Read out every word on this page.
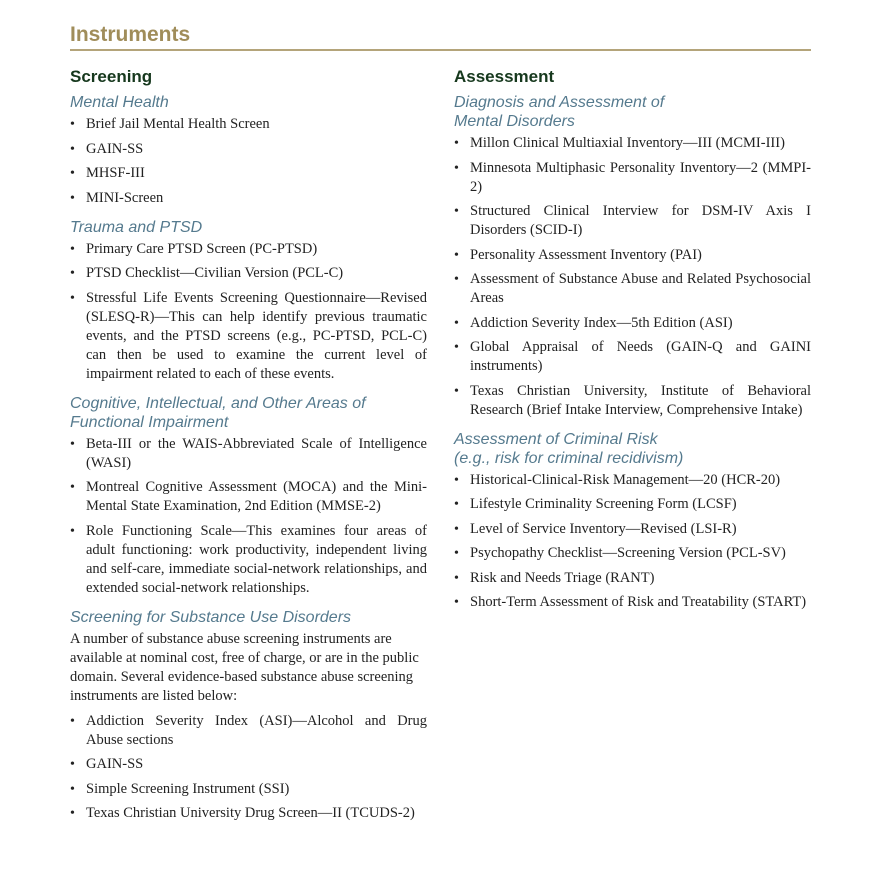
Instruments
Screening
Mental Health
• Brief Jail Mental Health Screen
• GAIN-SS
• MHSF-III
• MINI-Screen
Trauma and PTSD
• Primary Care PTSD Screen (PC-PTSD)
• PTSD Checklist—Civilian Version (PCL-C)
• Stressful Life Events Screening Questionnaire—Revised (SLESQ-R)—This can help identify previous traumatic events, and the PTSD screens (e.g., PC-PTSD, PCL-C) can then be used to examine the current level of impairment related to each of these events.
Cognitive, Intellectual, and Other Areas of Functional Impairment
• Beta-III or the WAIS-Abbreviated Scale of Intelligence (WASI)
• Montreal Cognitive Assessment (MOCA) and the Mini-Mental State Examination, 2nd Edition (MMSE-2)
• Role Functioning Scale—This examines four areas of adult functioning: work productivity, independent living and self-care, immediate social-network relationships, and extended social-network relationships.
Screening for Substance Use Disorders

A number of substance abuse screening instruments are available at nominal cost, free of charge, or are in the public domain. Several evidence-based substance abuse screening instruments are listed below:

• Addiction Severity Index (ASI)—Alcohol and Drug Abuse sections
• GAIN-SS
• Simple Screening Instrument (SSI)
• Texas Christian University Drug Screen—II (TCUDS-2)
Assessment
Diagnosis and Assessment of
Mental Disorders
• Millon Clinical Multiaxial Inventory—III (MCMI-III)
• Minnesota Multiphasic Personality Inventory—2 (MMPI-2)
• Structured Clinical Interview for DSM-IV Axis I Disorders (SCID-I)
• Personality Assessment Inventory (PAI)
• Assessment of Substance Abuse and Related Psychosocial Areas
• Addiction Severity Index—5th Edition (ASI)
• Global Appraisal of Needs (GAIN-Q and GAINI instruments)
• Texas Christian University, Institute of Behavioral Research (Brief Intake Interview, Comprehensive Intake)
Assessment of Criminal Risk
(e.g., risk for criminal recidivism)
• Historical-Clinical-Risk Management—20 (HCR-20)
• Lifestyle Criminality Screening Form (LCSF)
• Level of Service Inventory—Revised (LSI-R)
• Psychopathy Checklist—Screening Version (PCL-SV)
• Risk and Needs Triage (RANT)
• Short-Term Assessment of Risk and Treatability (START)
